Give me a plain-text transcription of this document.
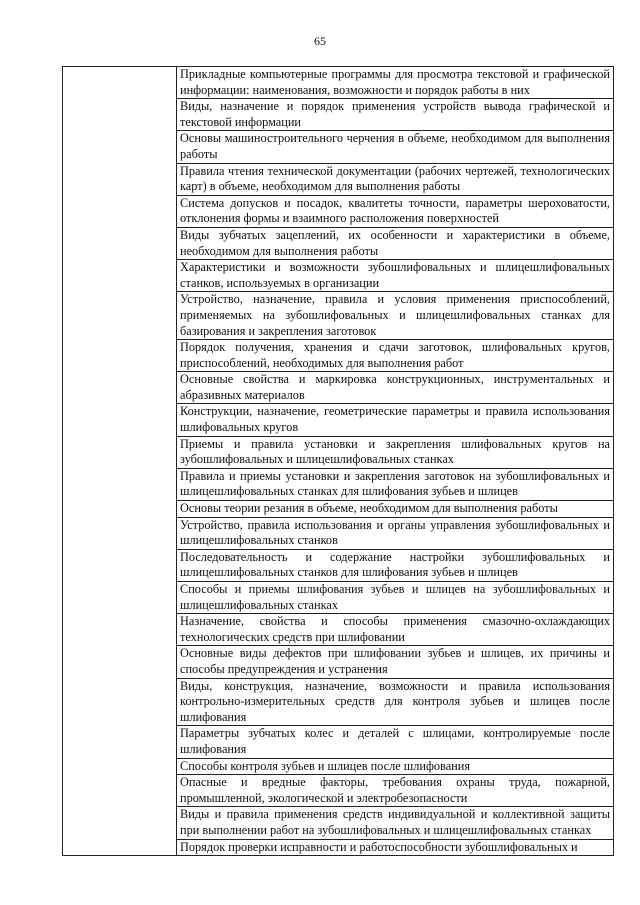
65

Прикладные компьютерные программы для просмотра текстовой и графической информации: наименования, возможности и порядок работы в них

Виды, назначение и порядок применения устройств вывода графической и текстовой информации

Основы машиностроительного черчения в объеме, необходимом для выполнения работы

Правила чтения технической документации (рабочих чертежей, технологических карт) в объеме, необходимом для выполнения работы

Система допусков и посадок, квалитеты точности, параметры шероховатости, отклонения формы и взаимного расположения поверхностей

Виды зубчатых зацеплений, их особенности и характеристики в объеме, необходимом для выполнения работы

Характеристики и возможности зубошлифовальных и шлицешлифовальных станков, используемых в организации

Устройство, назначение, правила и условия применения приспособлений, применяемых на зубошлифовальных и шлицешлифовальных станках для базирования и закрепления заготовок

Порядок получения, хранения и сдачи заготовок, шлифовальных кругов, приспособлений, необходимых для выполнения работ

Основные свойства и маркировка конструкционных, инструментальных и абразивных материалов

Конструкции, назначение, геометрические параметры и правила использования шлифовальных кругов

Приемы и правила установки и закрепления шлифовальных кругов на зубошлифовальных и шлицешлифовальных станках

Правила и приемы установки и закрепления заготовок на зубошлифовальных и шлицешлифовальных станках для шлифования зубьев и шлицев

Основы теории резания в объеме, необходимом для выполнения работы

Устройство, правила использования и органы управления зубошлифовальных и шлицешлифовальных станков

Последовательность и содержание настройки зубошлифовальных и шлицешлифовальных станков для шлифования зубьев и шлицев

Способы и приемы шлифования зубьев и шлицев на зубошлифовальных и шлицешлифовальных станках

Назначение, свойства и способы применения смазочно-охлаждающих технологических средств при шлифовании

Основные виды дефектов при шлифовании зубьев и шлицев, их причины и способы предупреждения и устранения

Виды, конструкция, назначение, возможности и правила использования контрольно-измерительных средств для контроля зубьев и шлицев после шлифования

Параметры зубчатых колес и деталей с шлицами, контролируемые после шлифования

Способы контроля зубьев и шлицев после шлифования

Опасные и вредные факторы, требования охраны труда, пожарной, промышленной, экологической и электробезопасности

Виды и правила применения средств индивидуальной и коллективной защиты при выполнении работ на зубошлифовальных и шлицешлифовальных станках

Порядок проверки исправности и работоспособности зубошлифовальных и
